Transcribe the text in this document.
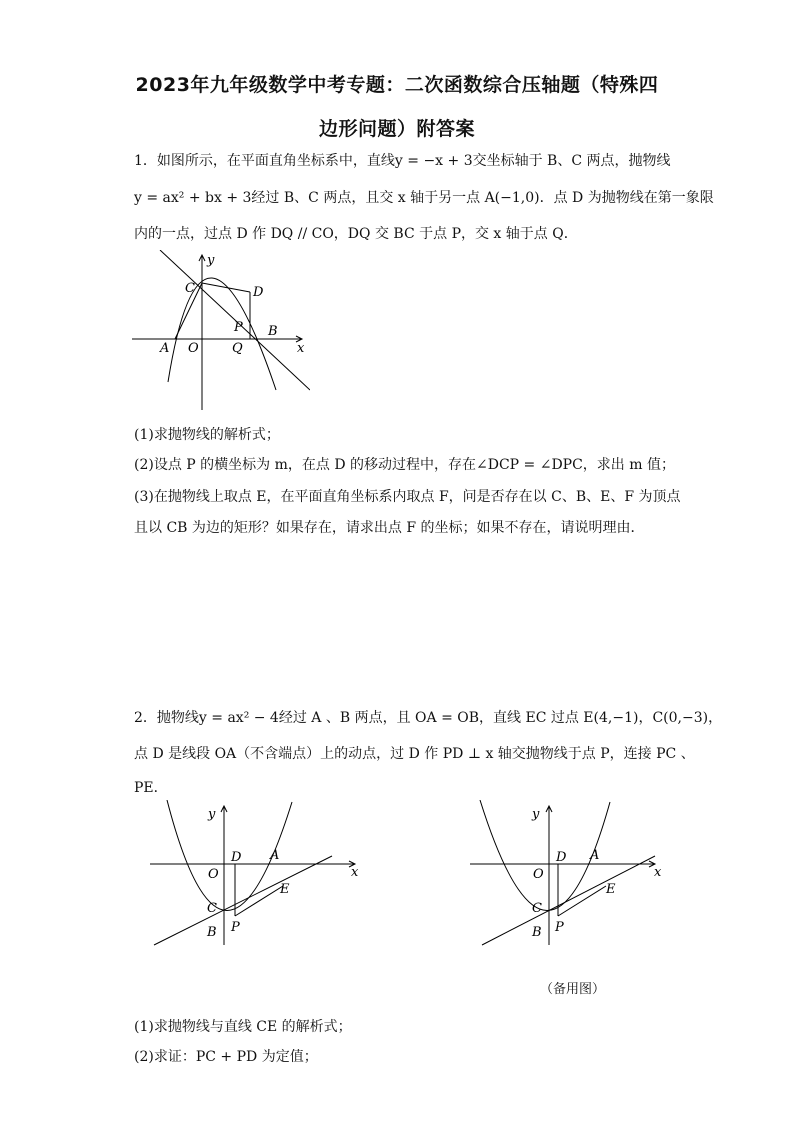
2023年九年级数学中考专题：二次函数综合压轴题（特殊四
边形问题）附答案
1．如图所示，在平面直角坐标系中，直线y = −x + 3交坐标轴于 B、C 两点，抛物线
y = ax² + bx + 3经过 B、C 两点，且交 x 轴于另一点 A(−1,0)．点 D 为抛物线在第一象限
内的一点，过点 D 作 DQ // CO，DQ 交 BC 于点 P，交 x 轴于点 Q．
y
x
C	D
P B
A O	Q
(1)求抛物线的解析式；
(2)设点 P 的横坐标为 m，在点 D 的移动过程中，存在∠DCP = ∠DPC，求出 m 值；
(3)在抛物线上取点 E，在平面直角坐标系内取点 F，问是否存在以 C、B、E、F 为顶点
且以 CB 为边的矩形？如果存在，请求出点 F 的坐标；如果不存在，请说明理由．
2．抛物线y = ax² − 4经过 A 、B 两点，且 OA = OB，直线 EC 过点 E(4,−1)，C(0,−3)，
点 D 是线段 OA（不含端点）上的动点，过 D 作 PD ⊥ x 轴交抛物线于点 P，连接 PC 、
PE．
y
x
D A
O
E
C
B P
y
x
D A
O
E
C
B P
（备用图）
(1)求抛物线与直线 CE 的解析式；
(2)求证：PC + PD 为定值；
